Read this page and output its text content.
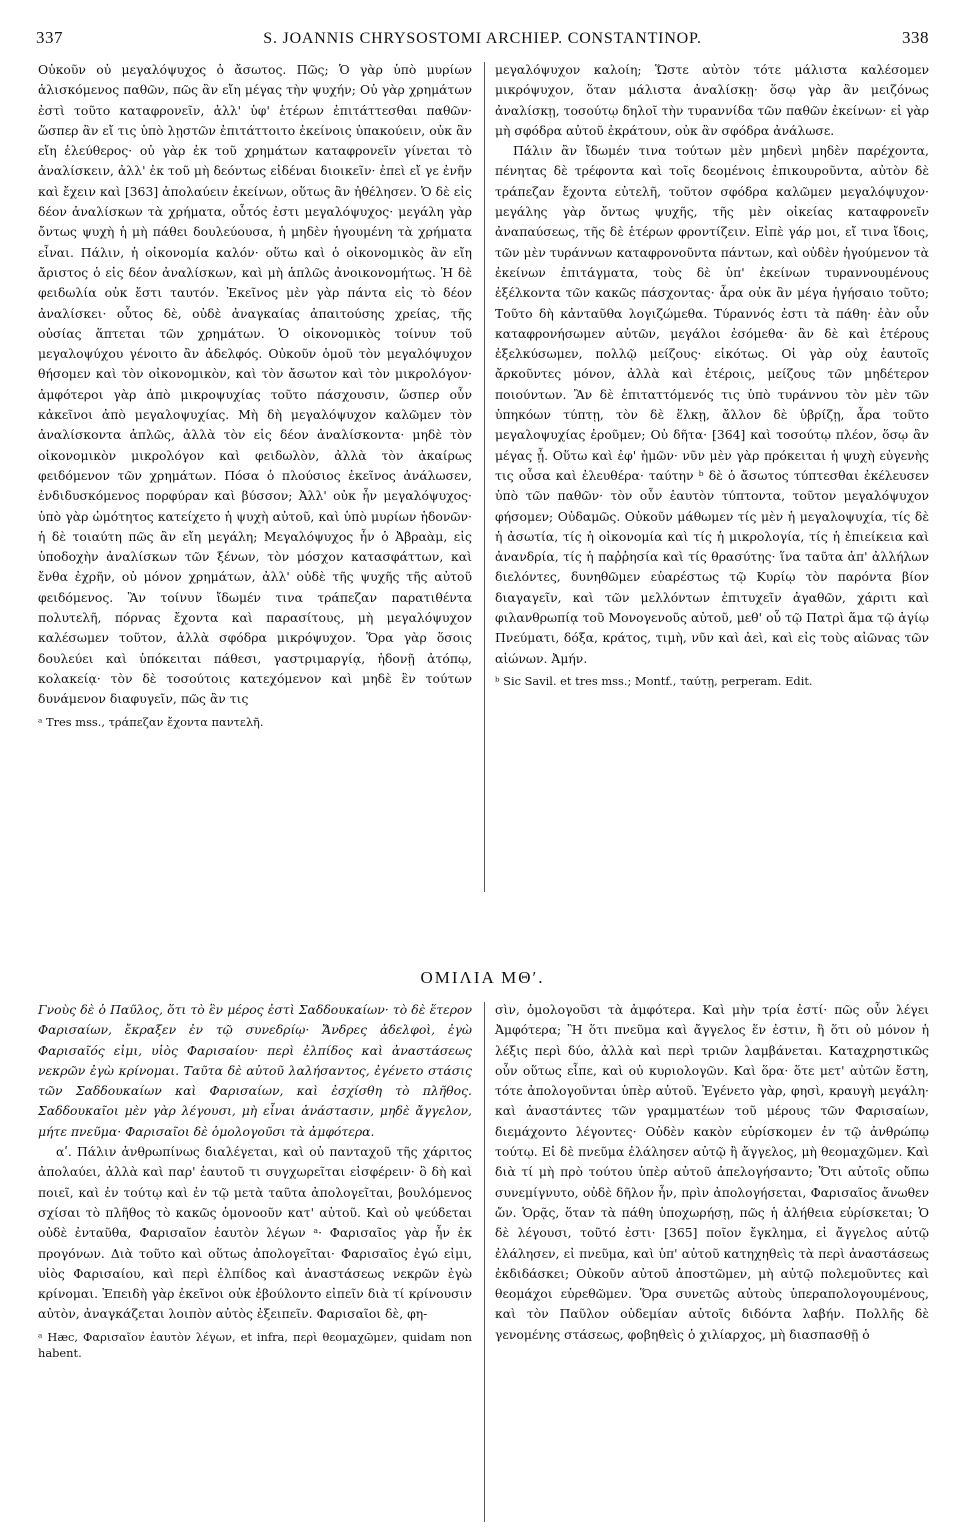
337	S. JOANNIS CHRYSOSTOMI ARCHIEP. CONSTANTINOP.	338

Οὐκοῦν οὐ μεγαλόψυχος ὁ ἄσωτος. Πῶς; Ὁ γὰρ ὑπὸ μυρίων ἁλισκόμενος παθῶν, πῶς ἂν εἴη μέγας τὴν ψυχήν; Οὐ γὰρ χρημάτων ἐστὶ τοῦτο καταφρονεῖν, ἀλλ' ὑφ' ἑτέρων ἐπιτάττεσθαι παθῶν· ὥσπερ ἂν εἴ τις ὑπὸ λῃστῶν ἐπιτάττοιτο ἐκείνοις ὑπακούειν, οὐκ ἂν εἴη ἐλεύθερος· οὐ γὰρ ἐκ τοῦ χρημάτων καταφρονεῖν γίνεται τὸ ἀναλίσκειν, ἀλλ' ἐκ τοῦ μὴ δεόντως εἰδέναι διοικεῖν· ἐπεὶ εἴ γε ἐνῆν καὶ ἔχειν καὶ [363] ἀπολαύειν ἐκείνων, οὕτως ἂν ἠθέλησεν. Ὁ δὲ εἰς δέον ἀναλίσκων τὰ χρήματα, οὗτός ἐστι μεγαλόψυχος· μεγάλη γὰρ ὄντως ψυχὴ ἡ μὴ πάθει δουλεύουσα, ἡ μηδὲν ἡγουμένη τὰ χρήματα εἶναι. Πάλιν, ἡ οἰκονομία καλόν· οὕτω καὶ ὁ οἰκονομικὸς ἂν εἴη ἄριστος ὁ εἰς δέον ἀναλίσκων, καὶ μὴ ἁπλῶς ἀνοικονομήτως. Ἡ δὲ φειδωλία οὐκ ἔστι ταυτόν. Ἐκεῖνος μὲν γὰρ πάντα εἰς τὸ δέον ἀναλίσκει· οὗτος δὲ, οὐδὲ ἀναγκαίας ἀπαιτούσης χρείας, τῆς οὐσίας ἅπτεται τῶν χρημάτων. Ὁ οἰκονομικὸς τοίνυν τοῦ μεγαλοψύχου γένοιτο ἂν ἀδελφός. Οὐκοῦν ὁμοῦ τὸν μεγαλόψυχον θήσομεν καὶ τὸν οἰκονομικὸν, καὶ τὸν ἄσωτον καὶ τὸν μικρολόγον· ἀμφότεροι γὰρ ἀπὸ μικροψυχίας τοῦτο πάσχουσιν, ὥσπερ οὖν κἀκεῖνοι ἀπὸ μεγαλοψυχίας. Μὴ δὴ μεγαλόψυχον καλῶμεν τὸν ἀναλίσκοντα ἁπλῶς, ἀλλὰ τὸν εἰς δέον ἀναλίσκοντα· μηδὲ τὸν οἰκονομικὸν μικρολόγον καὶ φειδωλὸν, ἀλλὰ τὸν ἀκαίρως φειδόμενον τῶν χρημάτων. Πόσα ὁ πλούσιος ἐκεῖνος ἀνάλωσεν, ἐνδιδυσκόμενος πορφύραν καὶ βύσσον; Ἀλλ' οὐκ ἦν μεγαλόψυχος· ὑπὸ γὰρ ὠμότητος κατείχετο ἡ ψυχὴ αὐτοῦ, καὶ ὑπὸ μυρίων ἡδονῶν· ἡ δὲ τοιαύτη πῶς ἂν εἴη μεγάλη; Μεγαλόψυχος ἦν ὁ Ἀβραὰμ, εἰς ὑποδοχὴν ἀναλίσκων τῶν ξένων, τὸν μόσχον κατασφάττων, καὶ ἔνθα ἐχρῆν, οὐ μόνον χρημάτων, ἀλλ' οὐδὲ τῆς ψυχῆς τῆς αὐτοῦ φειδόμενος. Ἂν τοίνυν ἴδωμέν τινα τράπεζαν παρατιθέντα πολυτελῆ, πόρνας ἔχοντα καὶ παρασίτους, μὴ μεγαλόψυχον καλέσωμεν τοῦτον, ἀλλὰ σφόδρα μικρόψυχον. Ὅρα γὰρ ὅσοις δουλεύει καὶ ὑπόκειται πάθεσι, γαστριμαργίᾳ, ἡδονῇ ἀτόπῳ, κολακείᾳ· τὸν δὲ τοσούτοις κατεχόμενον καὶ μηδὲ ἓν τούτων δυνάμενον διαφυγεῖν, πῶς ἂν τις

ᵃ Tres mss., τράπεζαν ἔχοντα παντελῆ.

μεγαλόψυχον καλοίη; Ὥστε αὐτὸν τότε μάλιστα καλέσομεν μικρόψυχον, ὅταν μάλιστα ἀναλίσκῃ· ὅσῳ γὰρ ἂν μειζόνως ἀναλίσκῃ, τοσούτῳ δηλοῖ τὴν τυραννίδα τῶν παθῶν ἐκείνων· εἰ γὰρ μὴ σφόδρα αὐτοῦ ἐκράτουν, οὐκ ἂν σφόδρα ἀνάλωσε.

Πάλιν ἂν ἴδωμέν τινα τούτων μὲν μηδενὶ μηδὲν παρέχοντα, πένητας δὲ τρέφοντα καὶ τοῖς δεομένοις ἐπικουροῦντα, αὐτὸν δὲ τράπεζαν ἔχοντα εὐτελῆ, τοῦτον σφόδρα καλῶμεν μεγαλόψυχον· μεγάλης γὰρ ὄντως ψυχῆς, τῆς μὲν οἰκείας καταφρονεῖν ἀναπαύσεως, τῆς δὲ ἑτέρων φροντίζειν. Εἰπὲ γάρ μοι, εἴ τινα ἴδοις, τῶν μὲν τυράννων καταφρονοῦντα πάντων, καὶ οὐδὲν ἡγούμενον τὰ ἐκείνων ἐπιτάγματα, τοὺς δὲ ὑπ' ἐκείνων τυραννουμένους ἐξέλκοντα τῶν κακῶς πάσχοντας· ἆρα οὐκ ἂν μέγα ἡγήσαιο τοῦτο; Τοῦτο δὴ κἀνταῦθα λογιζώμεθα. Τύραννός ἐστι τὰ πάθη· ἐὰν οὖν καταφρονήσωμεν αὐτῶν, μεγάλοι ἐσόμεθα· ἂν δὲ καὶ ἑτέρους ἐξελκύσωμεν, πολλῷ μείζους· εἰκότως. Οἱ γὰρ οὐχ ἑαυτοῖς ἄρκοῦντες μόνον, ἀλλὰ καὶ ἑτέροις, μείζους τῶν μηδέτερον ποιούντων. Ἂν δὲ ἐπιταττόμενός τις ὑπὸ τυράννου τὸν μὲν τῶν ὑπηκόων τύπτῃ, τὸν δὲ ἕλκῃ, ἄλλον δὲ ὑβρίζῃ, ἆρα τοῦτο μεγαλοψυχίας ἐροῦμεν; Οὐ δῆτα· [364] καὶ τοσούτῳ πλέον, ὅσῳ ἂν μέγας ᾖ. Οὕτω καὶ ἐφ' ἡμῶν· νῦν μὲν γὰρ πρόκειται ἡ ψυχὴ εὐγενὴς τις οὖσα καὶ ἐλευθέρα· ταύτην ᵇ δὲ ὁ ἄσωτος τύπτεσθαι ἐκέλευσεν ὑπὸ τῶν παθῶν· τὸν οὖν ἑαυτὸν τύπτοντα, τοῦτον μεγαλόψυχον φήσομεν; Οὐδαμῶς. Οὐκοῦν μάθωμεν τίς μὲν ἡ μεγαλοψυχία, τίς δὲ ἡ ἀσωτία, τίς ἡ οἰκονομία καὶ τίς ἡ μικρολογία, τίς ἡ ἐπιείκεια καὶ ἀνανδρία, τίς ἡ παῤῥησία καὶ τίς θρασύτης· ἵνα ταῦτα ἀπ' ἀλλήλων διελόντες, δυνηθῶμεν εὐαρέστως τῷ Κυρίῳ τὸν παρόντα βίον διαγαγεῖν, καὶ τῶν μελλόντων ἐπιτυχεῖν ἀγαθῶν, χάριτι καὶ φιλανθρωπίᾳ τοῦ Μονογενοῦς αὐτοῦ, μεθ' οὗ τῷ Πατρὶ ἅμα τῷ ἁγίῳ Πνεύματι, δόξα, κράτος, τιμὴ, νῦν καὶ ἀεὶ, καὶ εἰς τοὺς αἰῶνας τῶν αἰώνων. Ἀμήν.

ᵇ Sic Savil. et tres mss.; Montf., ταύτῃ, perperam. Edit.

ΟΜΙΛΙΑ ΜΘʹ.

Γνοὺς δὲ ὁ Παῦλος, ὅτι τὸ ἓν μέρος ἐστὶ Σαδδουκαίων· τὸ δὲ ἕτερον Φαρισαίων, ἔκραξεν ἐν τῷ συνεδρίῳ· Ἄνδρες ἀδελφοὶ, ἐγὼ Φαρισαῖός εἰμι, υἱὸς Φαρισαίου· περὶ ἐλπίδος καὶ ἀναστάσεως νεκρῶν ἐγὼ κρίνομαι. Ταῦτα δὲ αὐτοῦ λαλήσαντος, ἐγένετο στάσις τῶν Σαδδουκαίων καὶ Φαρισαίων, καὶ ἐσχίσθη τὸ πλῆθος. Σαδδουκαῖοι μὲν γὰρ λέγουσι, μὴ εἶναι ἀνάστασιν, μηδὲ ἄγγελον, μήτε πνεῦμα· Φαρισαῖοι δὲ ὁμολογοῦσι τὰ ἀμφότερα.

αʹ. Πάλιν ἀνθρωπίνως διαλέγεται, καὶ οὐ πανταχοῦ τῆς χάριτος ἀπολαύει, ἀλλὰ καὶ παρ' ἑαυτοῦ τι συγχωρεῖται εἰσφέρειν· ὃ δὴ καὶ ποιεῖ, καὶ ἐν τούτῳ καὶ ἐν τῷ μετὰ ταῦτα ἀπολογεῖται, βουλόμενος σχίσαι τὸ πλῆθος τὸ κακῶς ὁμονοοῦν κατ' αὐτοῦ. Καὶ οὐ ψεύδεται οὐδὲ ἐνταῦθα, Φαρισαῖον ἑαυτὸν λέγων ᵃ· Φαρισαῖος γὰρ ἦν ἐκ προγόνων. Διὰ τοῦτο καὶ οὕτως ἀπολογεῖται· Φαρισαῖος ἐγώ εἰμι, υἱὸς Φαρισαίου, καὶ περὶ ἐλπίδος καὶ ἀναστάσεως νεκρῶν ἐγὼ κρίνομαι. Ἐπειδὴ γὰρ ἐκεῖνοι οὐκ ἐβούλοντο εἰπεῖν διὰ τί κρίνουσιν αὐτὸν, ἀναγκάζεται λοιπὸν αὐτὸς ἐξειπεῖν. Φαρισαῖοι δὲ, φη-

ᵃ Hæc, Φαρισαῖον ἑαυτὸν λέγων, et infra, περὶ θεομαχῶμεν, quidam non habent.

σὶν, ὁμολογοῦσι τὰ ἀμφότερα. Καὶ μὴν τρία ἐστί· πῶς οὖν λέγει Ἀμφότερα; Ἢ ὅτι πνεῦμα καὶ ἄγγελος ἕν ἐστιν, ἢ ὅτι οὐ μόνον ἡ λέξις περὶ δύο, ἀλλὰ καὶ περὶ τριῶν λαμβάνεται. Καταχρηστικῶς οὖν οὕτως εἶπε, καὶ οὐ κυριολογῶν. Καὶ ὅρα· ὅτε μετ' αὐτῶν ἔστη, τότε ἀπολογοῦνται ὑπὲρ αὐτοῦ. Ἐγένετο γὰρ, φησὶ, κραυγὴ μεγάλη· καὶ ἀναστάντες τῶν γραμματέων τοῦ μέρους τῶν Φαρισαίων, διεμάχοντο λέγοντες· Οὐδὲν κακὸν εὑρίσκομεν ἐν τῷ ἀνθρώπῳ τούτῳ. Εἰ δὲ πνεῦμα ἐλάλησεν αὐτῷ ἢ ἄγγελος, μὴ θεομαχῶμεν. Καὶ διὰ τί μὴ πρὸ τούτου ὑπὲρ αὐτοῦ ἀπελογήσαντο; Ὅτι αὐτοῖς οὔπω συνεμίγνυτο, οὐδὲ δῆλον ἦν, πρὶν ἀπολογήσεται, Φαρισαῖος ἄνωθεν ὤν. Ὁρᾷς, ὅταν τὰ πάθη ὑποχωρήσῃ, πῶς ἡ ἀλήθεια εὑρίσκεται; Ὁ δὲ λέγουσι, τοῦτό ἐστι· [365] ποῖον ἔγκλημα, εἰ ἄγγελος αὐτῷ ἐλάλησεν, εἰ πνεῦμα, καὶ ὑπ' αὐτοῦ κατηχηθεὶς τὰ περὶ ἀναστάσεως ἐκδιδάσκει; Οὐκοῦν αὐτοῦ ἀποστῶμεν, μὴ αὐτῷ πολεμοῦντες καὶ θεομάχοι εὑρεθῶμεν. Ὅρα συνετῶς αὐτοὺς ὑπεραπολογουμένους, καὶ τὸν Παῦλον οὐδεμίαν αὐτοῖς διδόντα λαβήν. Πολλῆς δὲ γενομένης στάσεως, φοβηθεὶς ὁ χιλίαρχος, μὴ διασπασθῇ ὁ
